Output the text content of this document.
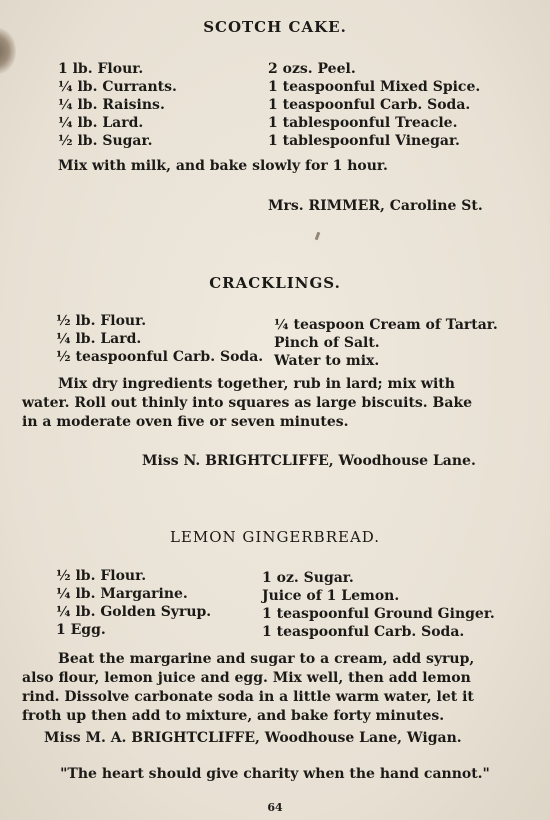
SCOTCH CAKE.
1 lb. Flour.
¼ lb. Currants.
¼ lb. Raisins.
¼ lb. Lard.
½ lb. Sugar.
2 ozs. Peel.
1 teaspoonful Mixed Spice.
1 teaspoonful Carb. Soda.
1 tablespoonful Treacle.
1 tablespoonful Vinegar.
Mix with milk, and bake slowly for 1 hour.
Mrs. RIMMER, Caroline St.
CRACKLINGS.
½ lb. Flour.
¼ lb. Lard.
½ teaspoonful Carb. Soda.
¼ teaspoon Cream of Tartar.
Pinch of Salt.
Water to mix.
Mix dry ingredients together, rub in lard; mix with
water. Roll out thinly into squares as large biscuits. Bake
in a moderate oven five or seven minutes.
Miss N. BRIGHTCLIFFE, Woodhouse Lane.
LEMON GINGERBREAD.
½ lb. Flour.
¼ lb. Margarine.
¼ lb. Golden Syrup.
1 Egg.
1 oz. Sugar.
Juice of 1 Lemon.
1 teaspoonful Ground Ginger.
1 teaspoonful Carb. Soda.
Beat the margarine and sugar to a cream, add syrup,
also flour, lemon juice and egg. Mix well, then add lemon
rind. Dissolve carbonate soda in a little warm water, let it
froth up then add to mixture, and bake forty minutes.
Miss M. A. BRIGHTCLIFFE, Woodhouse Lane, Wigan.
"The heart should give charity when the hand cannot."
64
